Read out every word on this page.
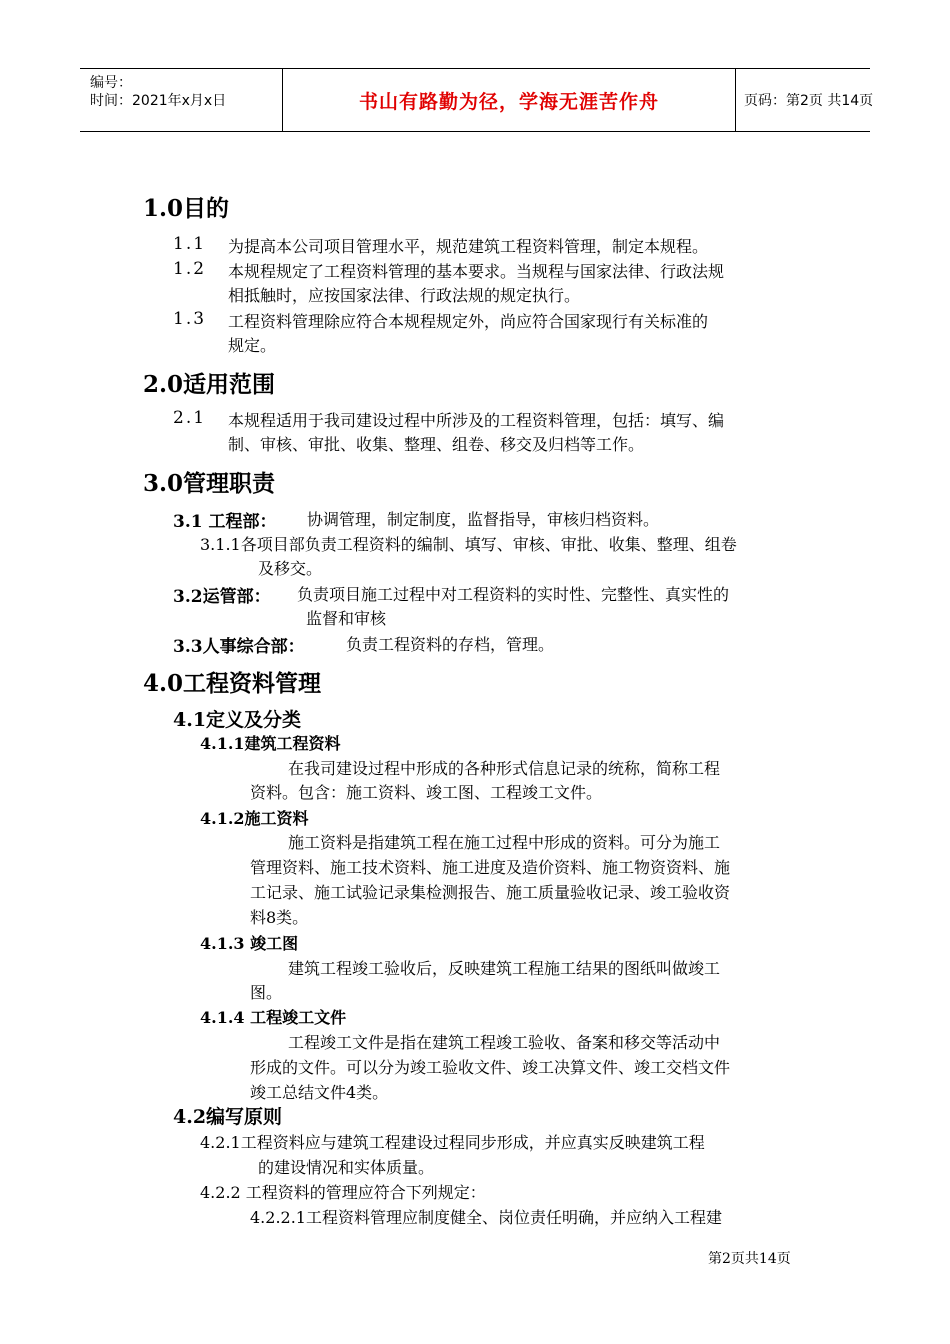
编号：
时间：2021年x月x日	书山有路勤为径，学海无涯苦作舟	页码：第2页 共14页
1.0目的
1.1 为提高本公司项目管理水平，规范建筑工程资料管理，制定本规程。
1.2 本规程规定了工程资料管理的基本要求。当规程与国家法律、行政法规
相抵触时，应按国家法律、行政法规的规定执行。
1.3 工程资料管理除应符合本规程规定外，尚应符合国家现行有关标准的
规定。
2.0适用范围
2.1 本规程适用于我司建设过程中所涉及的工程资料管理，包括：填写、编
制、审核、审批、收集、整理、组卷、移交及归档等工作。
3.0管理职责
3.1 工程部： 协调管理，制定制度，监督指导，审核归档资料。
3.1.1各项目部负责工程资料的编制、填写、审核、审批、收集、整理、组卷
及移交。
3.2运管部： 负责项目施工过程中对工程资料的实时性、完整性、真实性的
监督和审核
3.3人事综合部：	负责工程资料的存档，管理。
4.0工程资料管理
4.1定义及分类
4.1.1建筑工程资料
在我司建设过程中形成的各种形式信息记录的统称，简称工程
资料。包含：施工资料、竣工图、工程竣工文件。
4.1.2施工资料
施工资料是指建筑工程在施工过程中形成的资料。可分为施工
管理资料、施工技术资料、施工进度及造价资料、施工物资资料、施
工记录、施工试验记录集检测报告、施工质量验收记录、竣工验收资
料8类。
4.1.3 竣工图
建筑工程竣工验收后，反映建筑工程施工结果的图纸叫做竣工
图。
4.1.4 工程竣工文件
工程竣工文件是指在建筑工程竣工验收、备案和移交等活动中
形成的文件。可以分为竣工验收文件、竣工决算文件、竣工交档文件
竣工总结文件4类。
4.2编写原则
4.2.1工程资料应与建筑工程建设过程同步形成，并应真实反映建筑工程
的建设情况和实体质量。
4.2.2 工程资料的管理应符合下列规定：
4.2.2.1工程资料管理应制度健全、岗位责任明确，并应纳入工程建
第2页共14页
